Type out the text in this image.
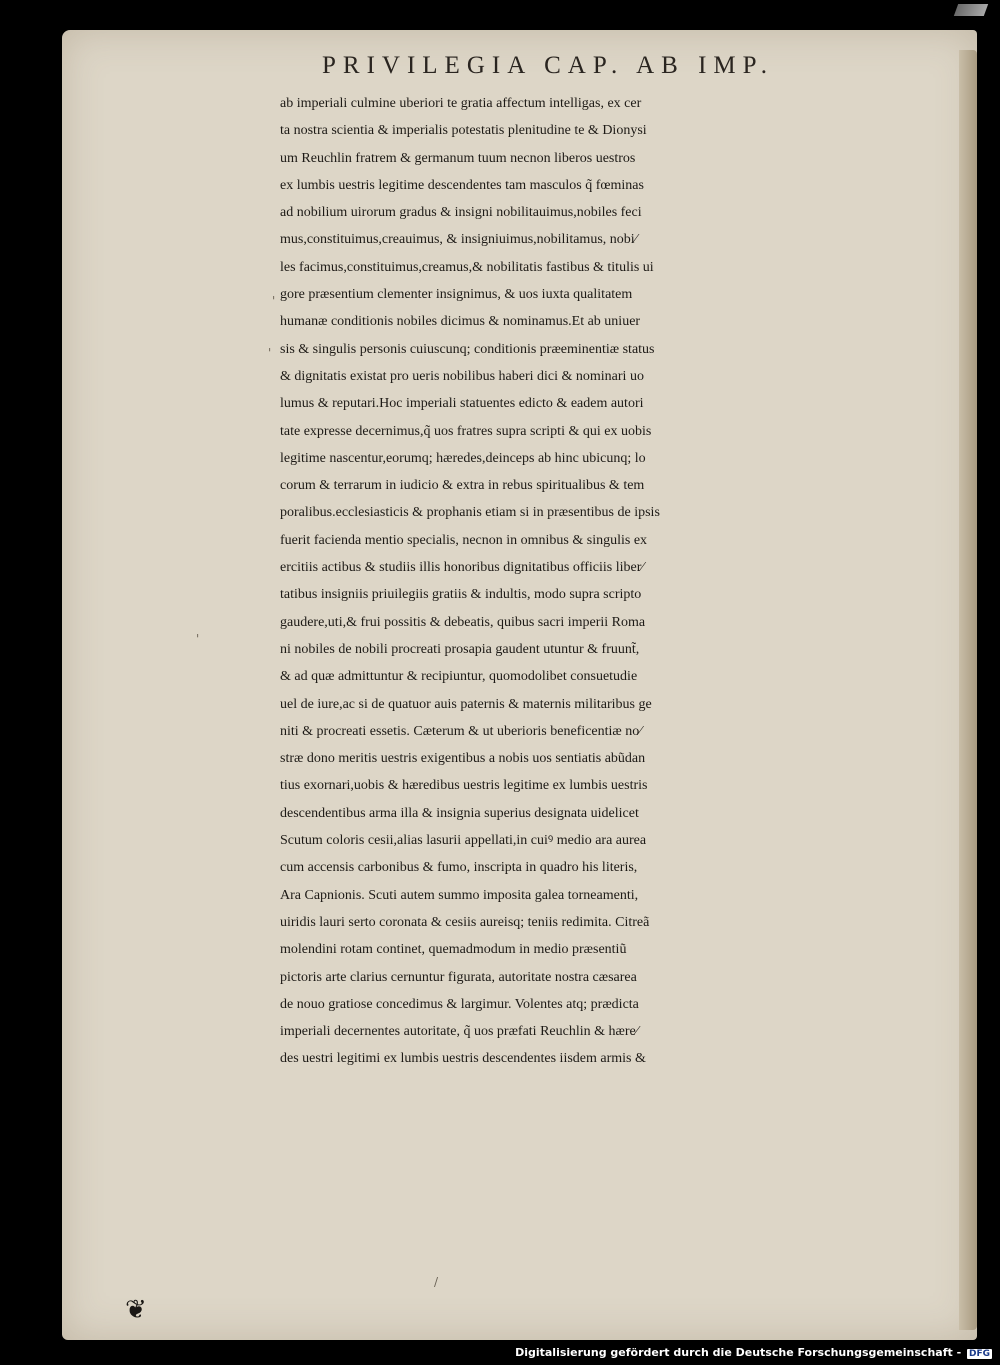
PRIVILEGIA CAP. AB IMP.
ab imperiali culmine uberiori te gratia affectum intelligas, ex cer
ta nostra scientia & imperialis potestatis plenitudine te & Dionysi
um Reuchlin fratrem & germanum tuum necnon liberos uestros
ex lumbis uestris legitime descendentes tam masculos q̃ fœminas
ad nobilium uirorum gradus & insigni nobilitauimus,nobiles feci
mus,constituimus,creauimus, & insigniuimus,nobilitamus, nobi⁄
les facimus,constituimus,creamus,& nobilitatis fastibus & titulis ui
gore præsentium clementer insignimus, & uos iuxta qualitatem
humanæ conditionis nobiles dicimus & nominamus.Et ab uniuer
sis & singulis personis cuiuscunq; conditionis præeminentiæ status
& dignitatis existat pro ueris nobilibus haberi dici & nominari uo
lumus & reputari.Hoc imperiali statuentes edicto & eadem autori
tate expresse decernimus,q̃ uos fratres supra scripti & qui ex uobis
legitime nascentur,eorumq; hæredes,deinceps ab hinc ubicunq; lo
corum & terrarum in iudicio & extra in rebus spiritualibus & tem
poralibus.ecclesiasticis & prophanis etiam si in præsentibus de ipsis
fuerit facienda mentio specialis, necnon in omnibus & singulis ex
ercitiis actibus & studiis illis honoribus dignitatibus officiis liber⁄
tatibus insigniis priuilegiis gratiis & indultis, modo supra scripto
gaudere,uti,& frui possitis & debeatis, quibus sacri imperii Roma
ni nobiles de nobili procreati prosapia gaudent utuntur & fruunt̃,
& ad quæ admittuntur & recipiuntur, quomodolibet consuetudie
uel de iure,ac si de quatuor auis paternis & maternis militaribus ge
niti & procreati essetis. Cæterum & ut uberioris beneficentiæ no⁄
stræ dono meritis uestris exigentibus a nobis uos sentiatis abũdan
tius exornari,uobis & hæredibus uestris legitime ex lumbis uestris
descendentibus arma illa & insignia superius designata uidelicet
Scutum coloris cesii,alias lasurii appellati,in cuiꝰ medio ara aurea
cum accensis carbonibus & fumo, inscripta in quadro his literis,
Ara Capnionis. Scuti autem summo imposita galea torneamenti,
uiridis lauri serto coronata & cesiis aureisq; teniis redimita. Citreã
molendini rotam continet, quemadmodum in medio præsentiũ
pictoris arte clarius cernuntur figurata, autoritate nostra cæsarea
de nouo gratiose concedimus & largimur. Volentes atq; prædicta
imperiali decernentes autoritate, q̃ uos præfati Reuchlin & hære⁄
des uestri legitimi ex lumbis uestris descendentes iisdem armis &
'
'
'
/
❦
Digitalisierung gefördert durch die Deutsche Forschungsgemeinschaft - DFG
